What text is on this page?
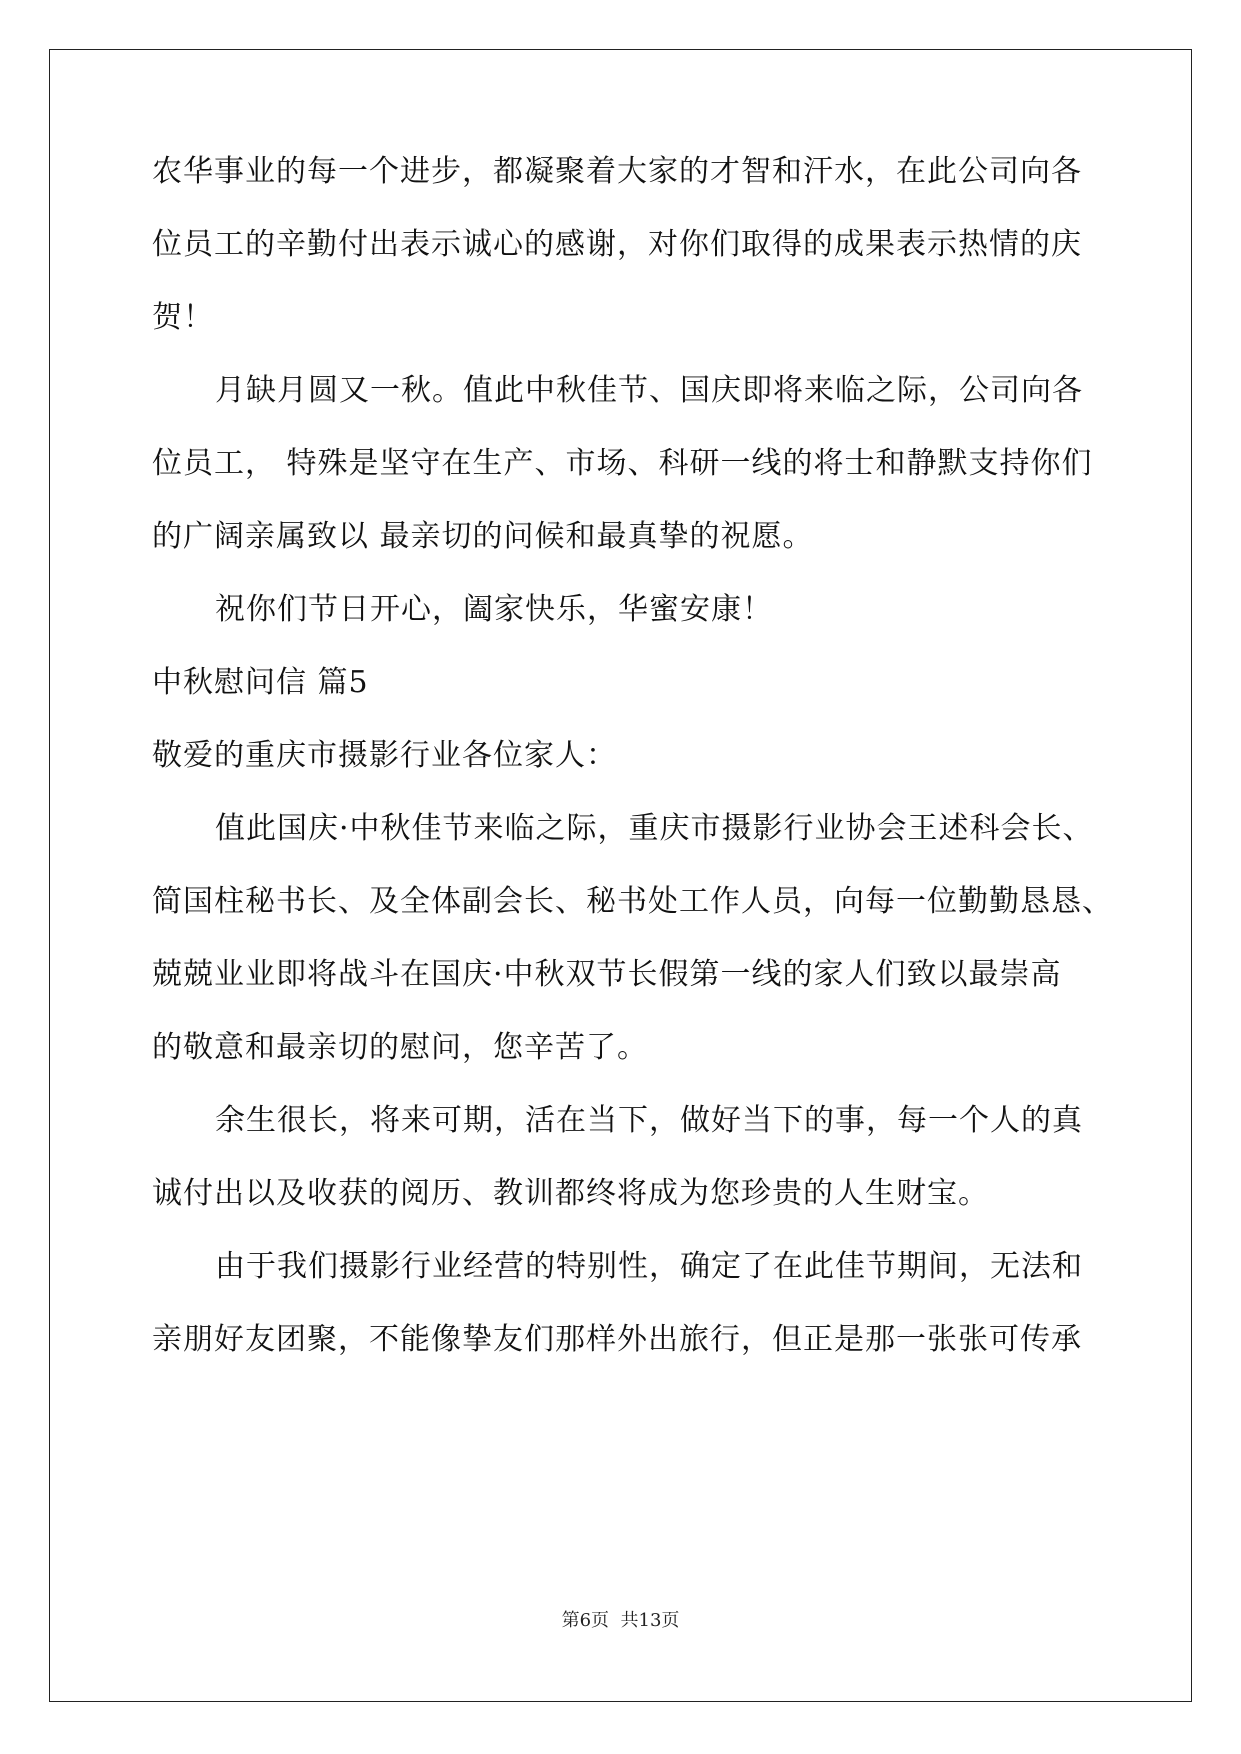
农华事业的每一个进步，都凝聚着大家的才智和汗水，在此公司向各
位员工的辛勤付出表示诚心的感谢，对你们取得的成果表示热情的庆
贺！
月缺月圆又一秋。值此中秋佳节、国庆即将来临之际，公司向各
位员工， 特殊是坚守在生产、市场、科研一线的将士和静默支持你们
的广阔亲属致以 最亲切的问候和最真挚的祝愿。
祝你们节日开心，阖家快乐，华蜜安康！
中秋慰问信 篇5
敬爱的重庆市摄影行业各位家人：
值此国庆·中秋佳节来临之际，重庆市摄影行业协会王述科会长、
简国柱秘书长、及全体副会长、秘书处工作人员，向每一位勤勤恳恳、
兢兢业业即将战斗在国庆·中秋双节长假第一线的家人们致以最崇高
的敬意和最亲切的慰问，您辛苦了。
余生很长，将来可期，活在当下，做好当下的事，每一个人的真
诚付出以及收获的阅历、教训都终将成为您珍贵的人生财宝。
由于我们摄影行业经营的特别性，确定了在此佳节期间，无法和
亲朋好友团聚，不能像挚友们那样外出旅行，但正是那一张张可传承
第6页  共13页
